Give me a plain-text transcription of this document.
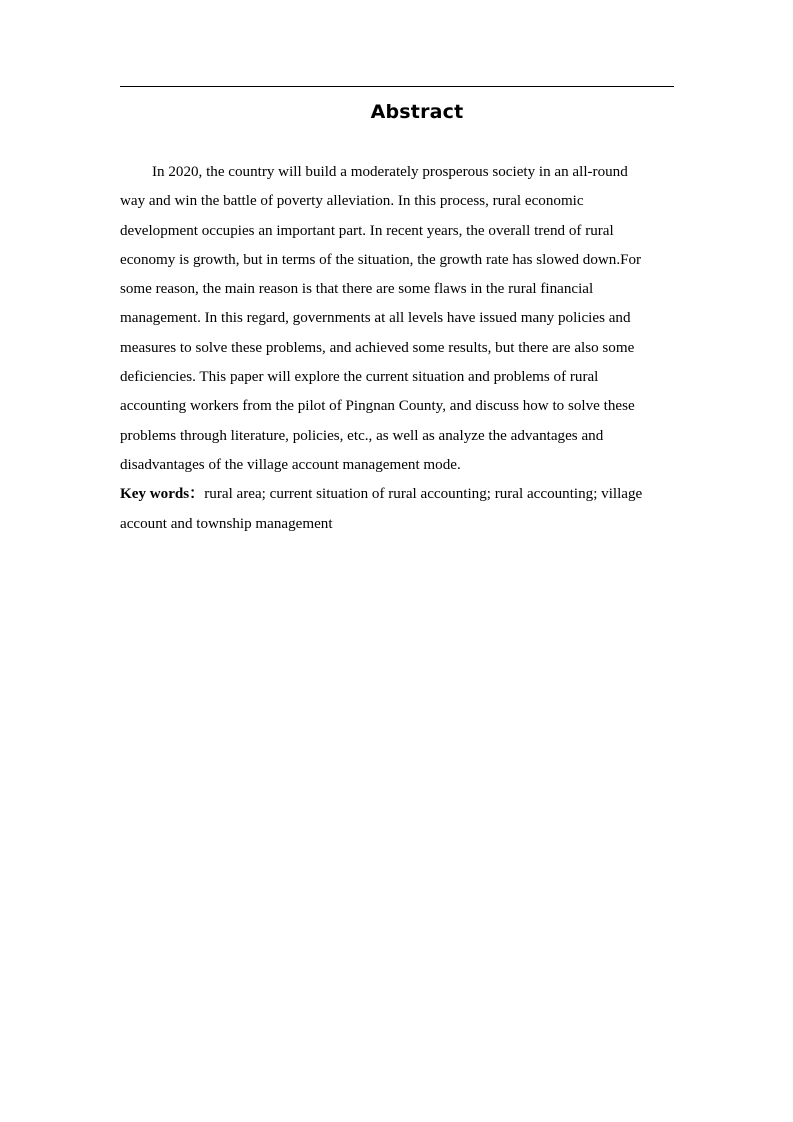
Abstract
In 2020, the country will build a moderately prosperous society in an all-round
way and win the battle of poverty alleviation. In this process, rural economic
development occupies an important part. In recent years, the overall trend of rural
economy is growth, but in terms of the situation, the growth rate has slowed down.For
some reason, the main reason is that there are some flaws in the rural financial
management. In this regard, governments at all levels have issued many policies and
measures to solve these problems, and achieved some results, but there are also some
deficiencies. This paper will explore the current situation and problems of rural
accounting workers from the pilot of Pingnan County, and discuss how to solve these
problems through literature, policies, etc., as well as analyze the advantages and
disadvantages of the village account management mode.
Key words：rural area; current situation of rural accounting; rural accounting; village
account and township management
